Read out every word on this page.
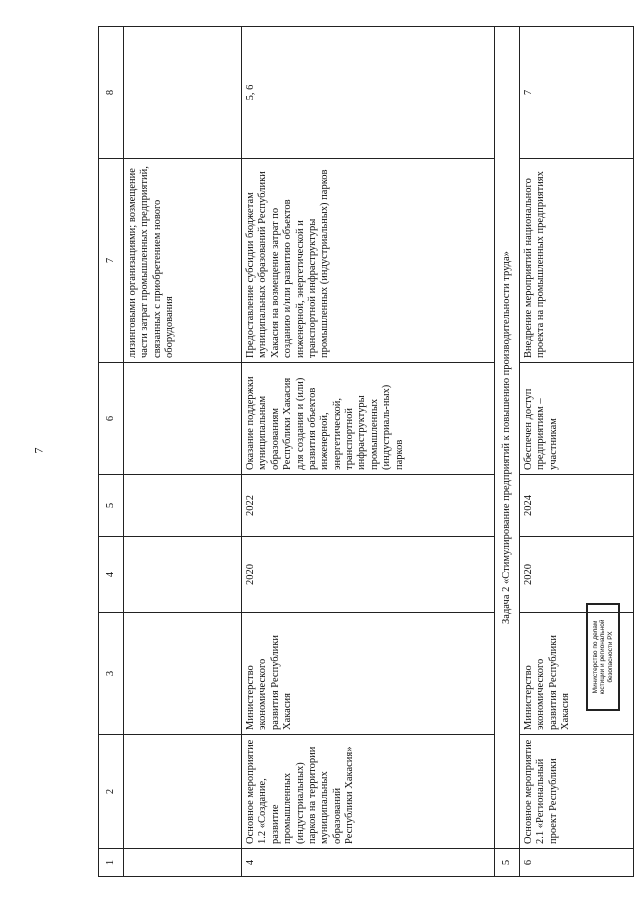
7
1	2	3	4	5	6	7	8
						лизинговыми организациями; возмещение части затрат промышленных предприятий, связанных с приобретением нового оборудования	
4	Основное мероприятие 1.2 «Создание, развитие промышленных (индустриальных) парков на территории муниципальных образований Республики Хакасия»	Министерство экономического развития Республики Хакасия	2020	2022	Оказание поддержки муниципальным образованиям Республики Хакасия для создания и (или) развития объектов инженерной, энергетической, транспортной инфраструктуры промышленных (индустриаль-ных) парков	Предоставление субсидии бюджетам муниципальных образований Республики Хакасия на возмещение затрат по созданию и/или развитию объектов инженерной, энергетической и транспортной инфраструктуры промышленных (индустриальных) парков	5, 6
5	Задача 2 «Стимулирование предприятий к повышению производительности труда»						
6	Основное мероприятие 2.1 «Региональный проект Республики	Министерство экономического развития Республики Хакасия	2020	2024	Обеспечен доступ предприятиям – участникам	Внедрение мероприятий национального проекта на промышленных предприятиях	7
Министерство по делам юстиции и региональной безопасности РХ
